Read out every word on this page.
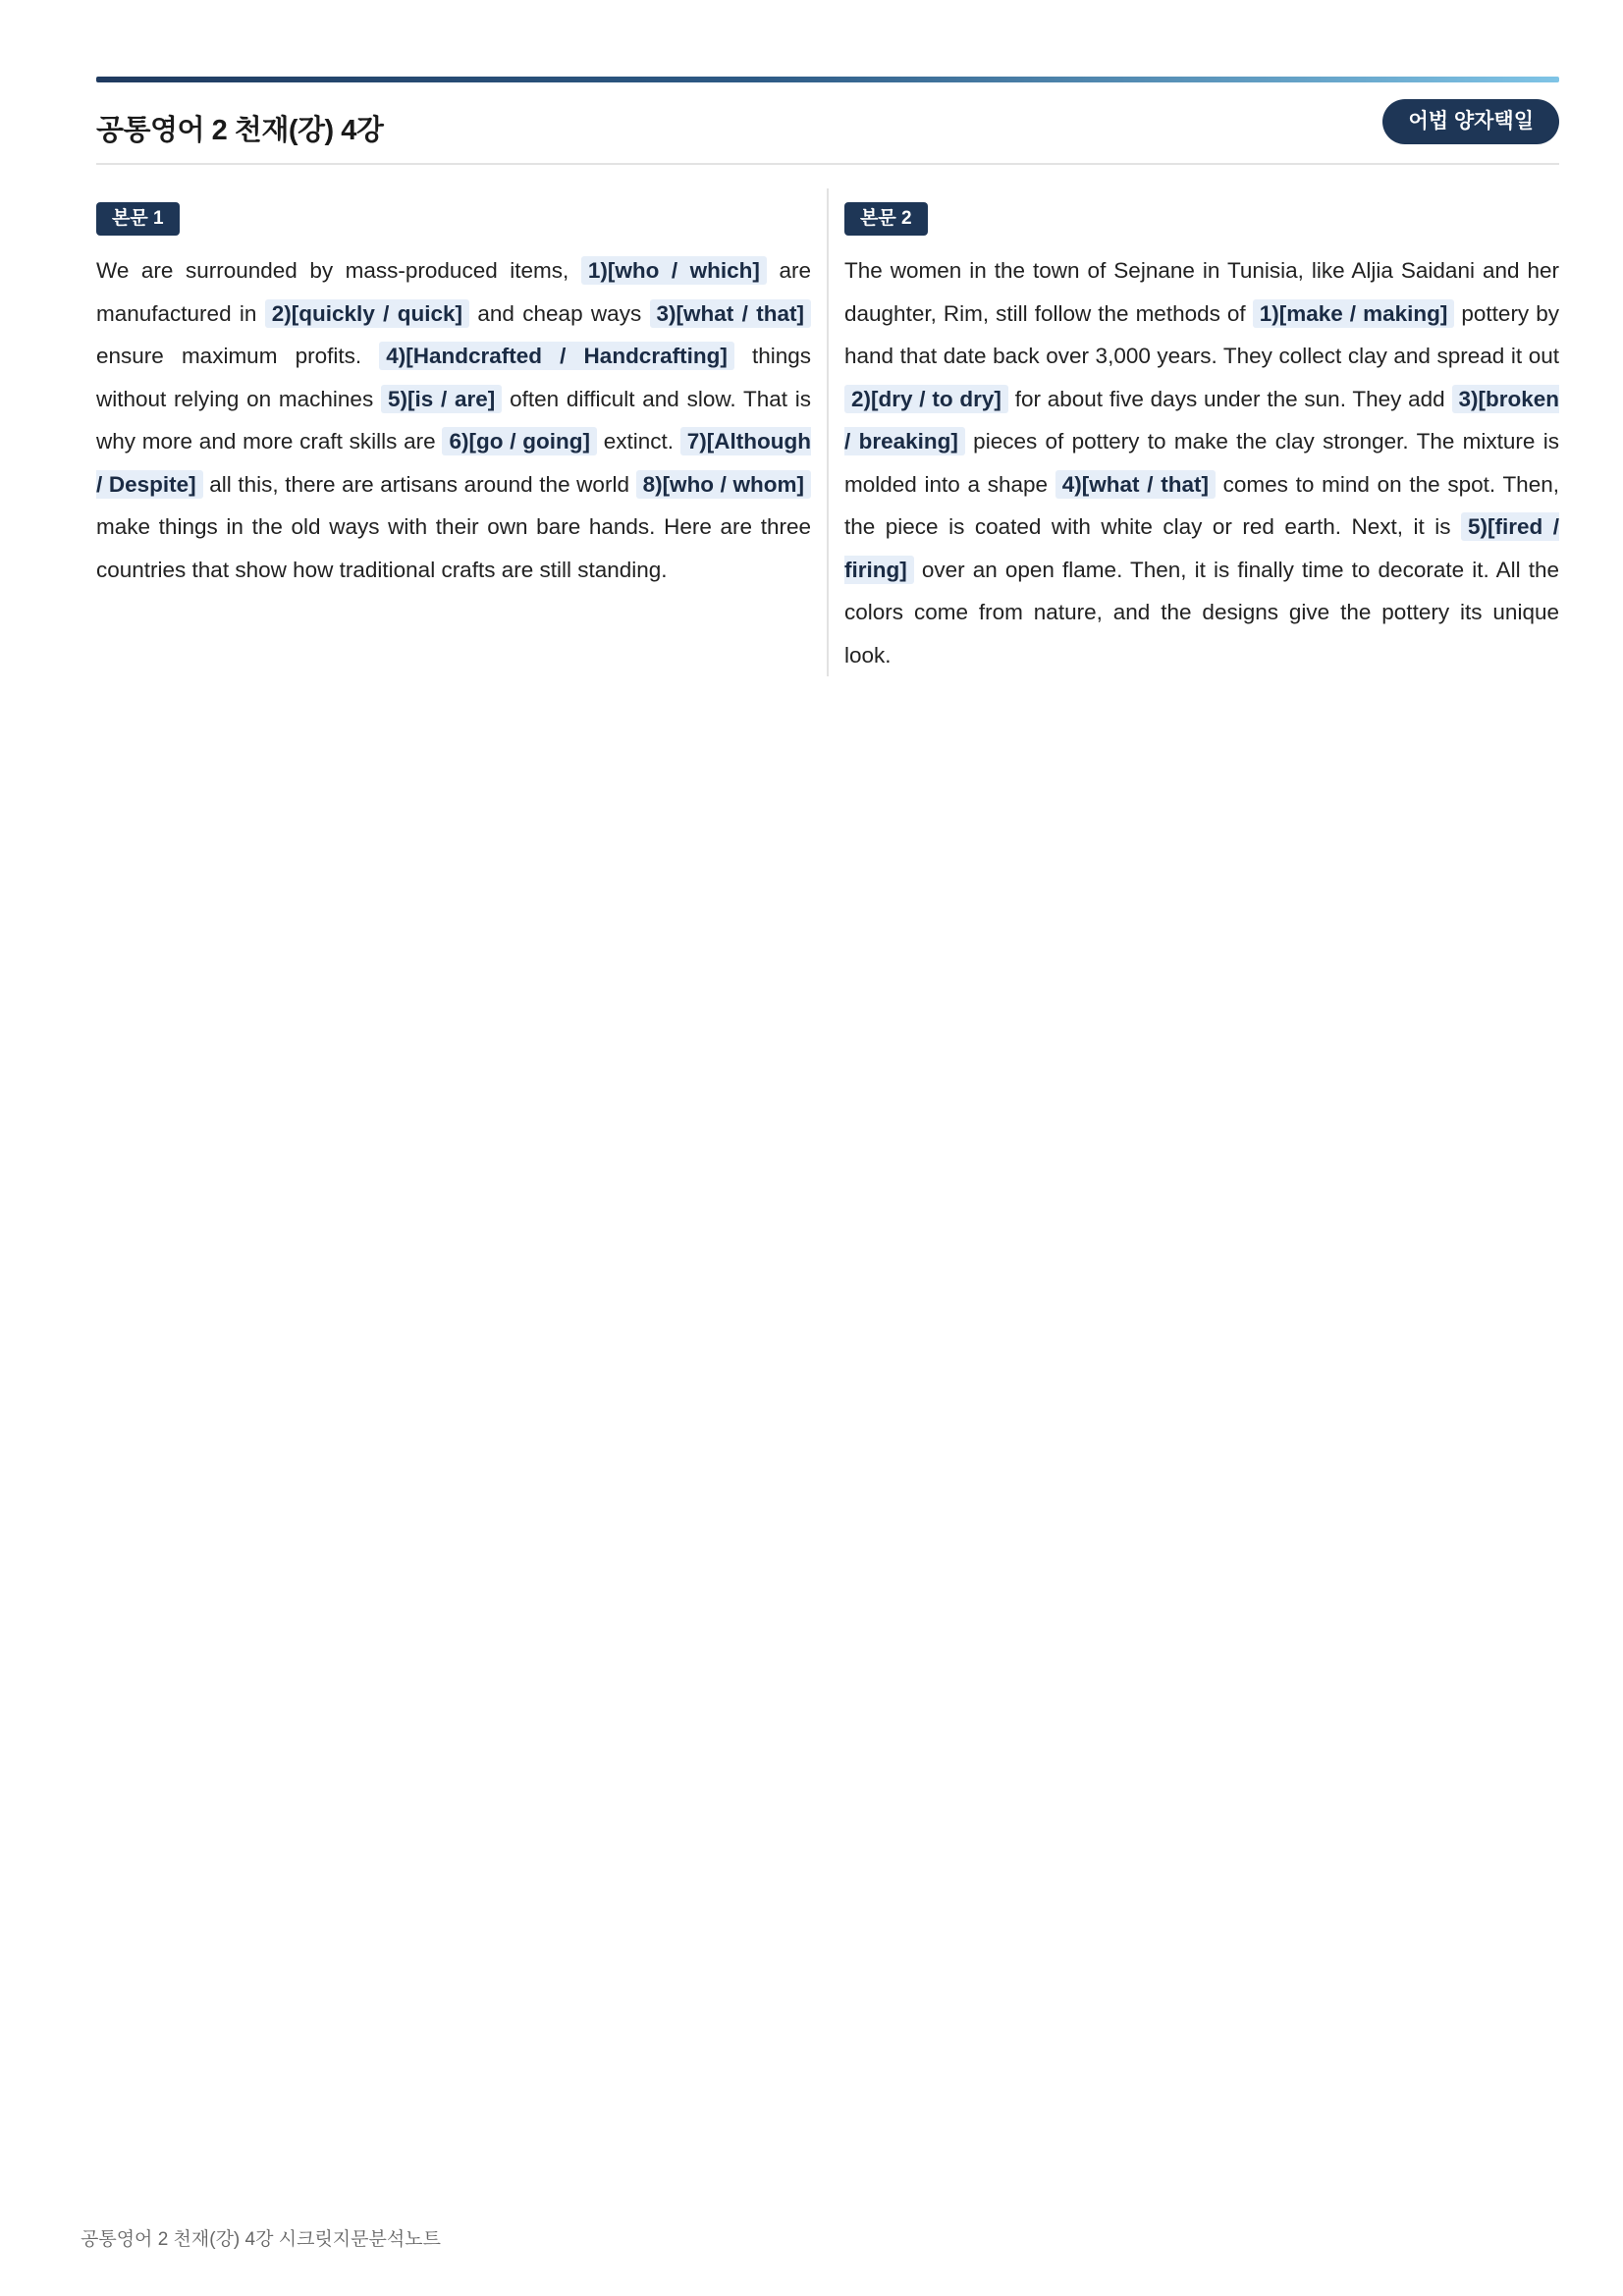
공통영어 2 천재(강) 4강	어법 양자택일
본문 1
We are surrounded by mass-produced items, 1)[who / which] are manufactured in 2)[quickly / quick] and cheap ways 3)[what / that] ensure maximum profits. 4)[Handcrafted / Handcrafting] things without relying on machines 5)[is / are] often difficult and slow. That is why more and more craft skills are 6)[go / going] extinct. 7)[Although / Despite] all this, there are artisans around the world 8)[who / whom] make things in the old ways with their own bare hands. Here are three countries that show how traditional crafts are still standing.
본문 2
The women in the town of Sejnane in Tunisia, like Aljia Saidani and her daughter, Rim, still follow the methods of 1)[make / making] pottery by hand that date back over 3,000 years. They collect clay and spread it out 2)[dry / to dry] for about five days under the sun. They add 3)[broken / breaking] pieces of pottery to make the clay stronger. The mixture is molded into a shape 4)[what / that] comes to mind on the spot. Then, the piece is coated with white clay or red earth. Next, it is 5)[fired / firing] over an open flame. Then, it is finally time to decorate it. All the colors come from nature, and the designs give the pottery its unique look.
공통영어 2 천재(강) 4강 시크릿지문분석노트
